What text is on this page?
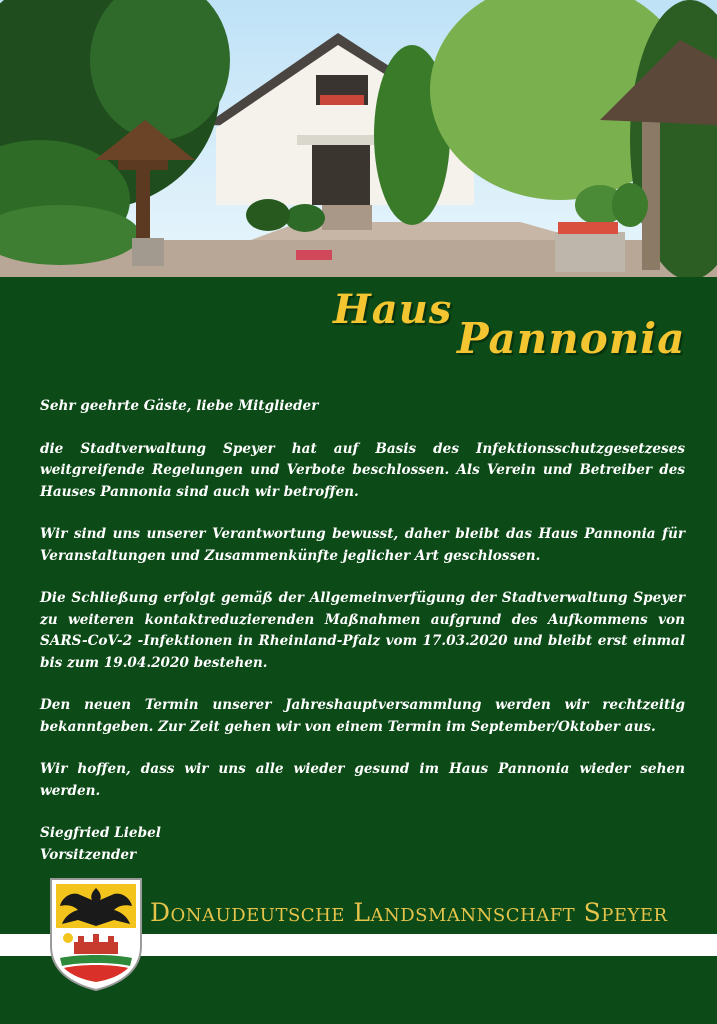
Haus
Pannonia

Sehr geehrte Gäste, liebe Mitglieder

die Stadtverwaltung Speyer hat auf Basis des Infektionsschutzgesetzeses weitgreifende Regelungen und Verbote beschlossen. Als Verein und Betreiber des Hauses Pannonia sind auch wir betroffen.

Wir sind uns unserer Verantwortung bewusst, daher bleibt das Haus Pannonia für Veranstaltungen und Zusammenkünfte jeglicher Art geschlossen.

Die Schließung erfolgt gemäß der Allgemeinverfügung der Stadtverwaltung Speyer zu weiteren kontaktreduzierenden Maßnahmen aufgrund des Aufkommens von SARS-CoV-2 -Infektionen in Rheinland-Pfalz vom 17.03.2020 und bleibt erst einmal bis zum 19.04.2020 bestehen.

Den neuen Termin unserer Jahreshauptversammlung werden wir rechtzeitig bekanntgeben. Zur Zeit gehen wir von einem Termin im September/Oktober aus.

Wir hoffen, dass wir uns alle wieder gesund im Haus Pannonia wieder sehen werden.

Siegfried Liebel

Vorsitzender

Donaudeutsche Landsmannschaft Speyer
